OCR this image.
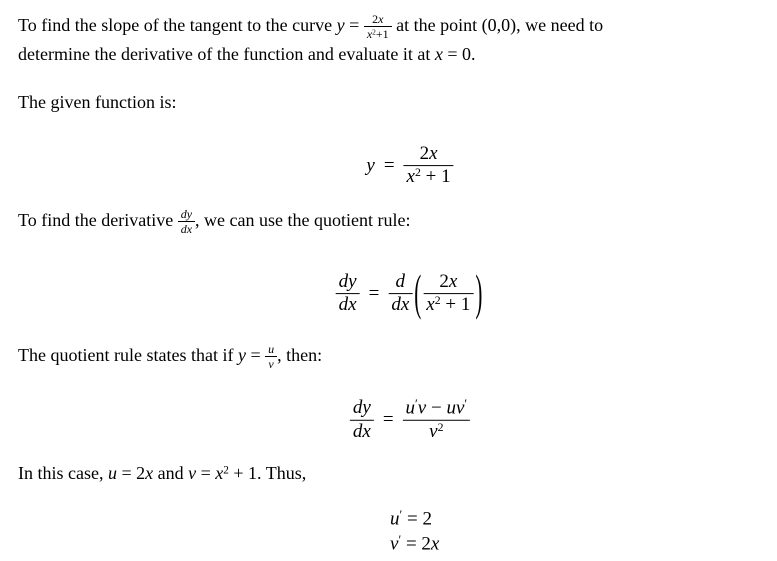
To find the slope of the tangent to the curve $y = \frac{2x}{x^2+1}$ at the point (0,0), we need to
determine the derivative of the function and evaluate it at x = 0.
The given function is:
$y = \frac{2x}{x^2 + 1}$
To find the derivative $\frac{dy}{dx}$ , we can use the quotient rule:
$\frac{dy}{dx} = \frac{d}{dx}$ ( $\frac{2x}{x^2 + 1}$ )
The quotient rule states that if $y = \frac{u}{v}$ , then:
$\frac{dy}{dx} = \frac{u'v - uv'}{v^2}$
In this case, u = 2x and $v = x^2 + 1$. Thus,
u′ = 2
v′ = 2x
